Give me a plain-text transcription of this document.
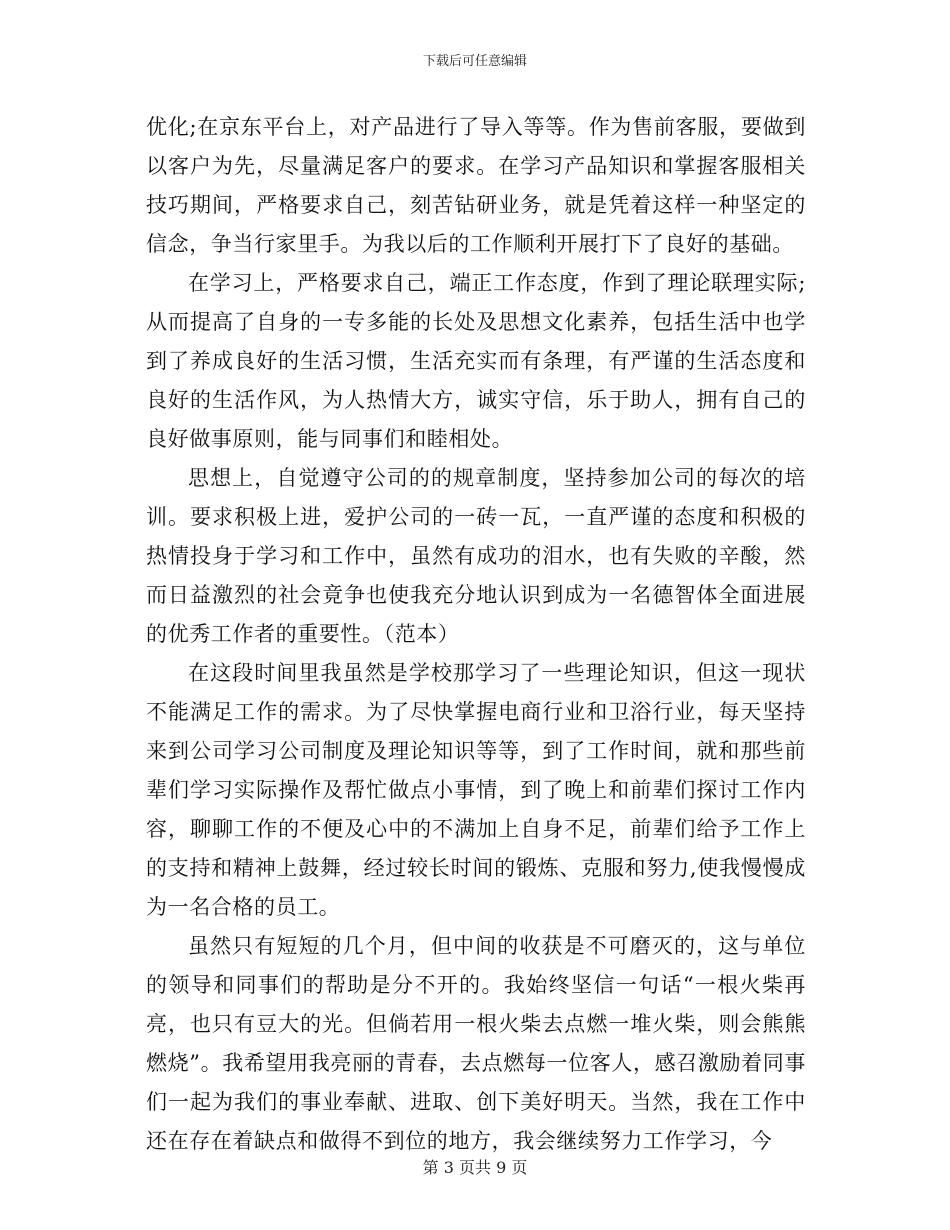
下载后可任意编辑

优化;在京东平台上，对产品进行了导入等等。作为售前客服，要做到以客户为先，尽量满足客户的要求。在学习产品知识和掌握客服相关技巧期间，严格要求自己，刻苦钻研业务，就是凭着这样一种坚定的信念，争当行家里手。为我以后的工作顺利开展打下了良好的基础。

在学习上，严格要求自己，端正工作态度，作到了理论联理实际;从而提高了自身的一专多能的长处及思想文化素养，包括生活中也学到了养成良好的生活习惯，生活充实而有条理，有严谨的生活态度和良好的生活作风，为人热情大方，诚实守信，乐于助人，拥有自己的良好做事原则，能与同事们和睦相处。

思想上，自觉遵守公司的的规章制度，坚持参加公司的每次的培训。要求积极上进，爱护公司的一砖一瓦，一直严谨的态度和积极的热情投身于学习和工作中，虽然有成功的泪水，也有失败的辛酸，然而日益激烈的社会竟争也使我充分地认识到成为一名德智体全面进展的优秀工作者的重要性。（范本）

在这段时间里我虽然是学校那学习了一些理论知识，但这一现状不能满足工作的需求。为了尽快掌握电商行业和卫浴行业，每天坚持来到公司学习公司制度及理论知识等等，到了工作时间，就和那些前辈们学习实际操作及帮忙做点小事情，到了晚上和前辈们探讨工作内容，聊聊工作的不便及心中的不满加上自身不足，前辈们给予工作上的支持和精神上鼓舞，经过较长时间的锻炼、克服和努力,使我慢慢成为一名合格的员工。

虽然只有短短的几个月，但中间的收获是不可磨灭的，这与单位的领导和同事们的帮助是分不开的。我始终坚信一句话“一根火柴再亮，也只有豆大的光。但倘若用一根火柴去点燃一堆火柴，则会熊熊燃烧”。我希望用我亮丽的青春，去点燃每一位客人，感召激励着同事们一起为我们的事业奉献、进取、创下美好明天。当然，我在工作中还在存在着缺点和做得不到位的地方，我会继续努力工作学习，今

第 3 页共 9 页
